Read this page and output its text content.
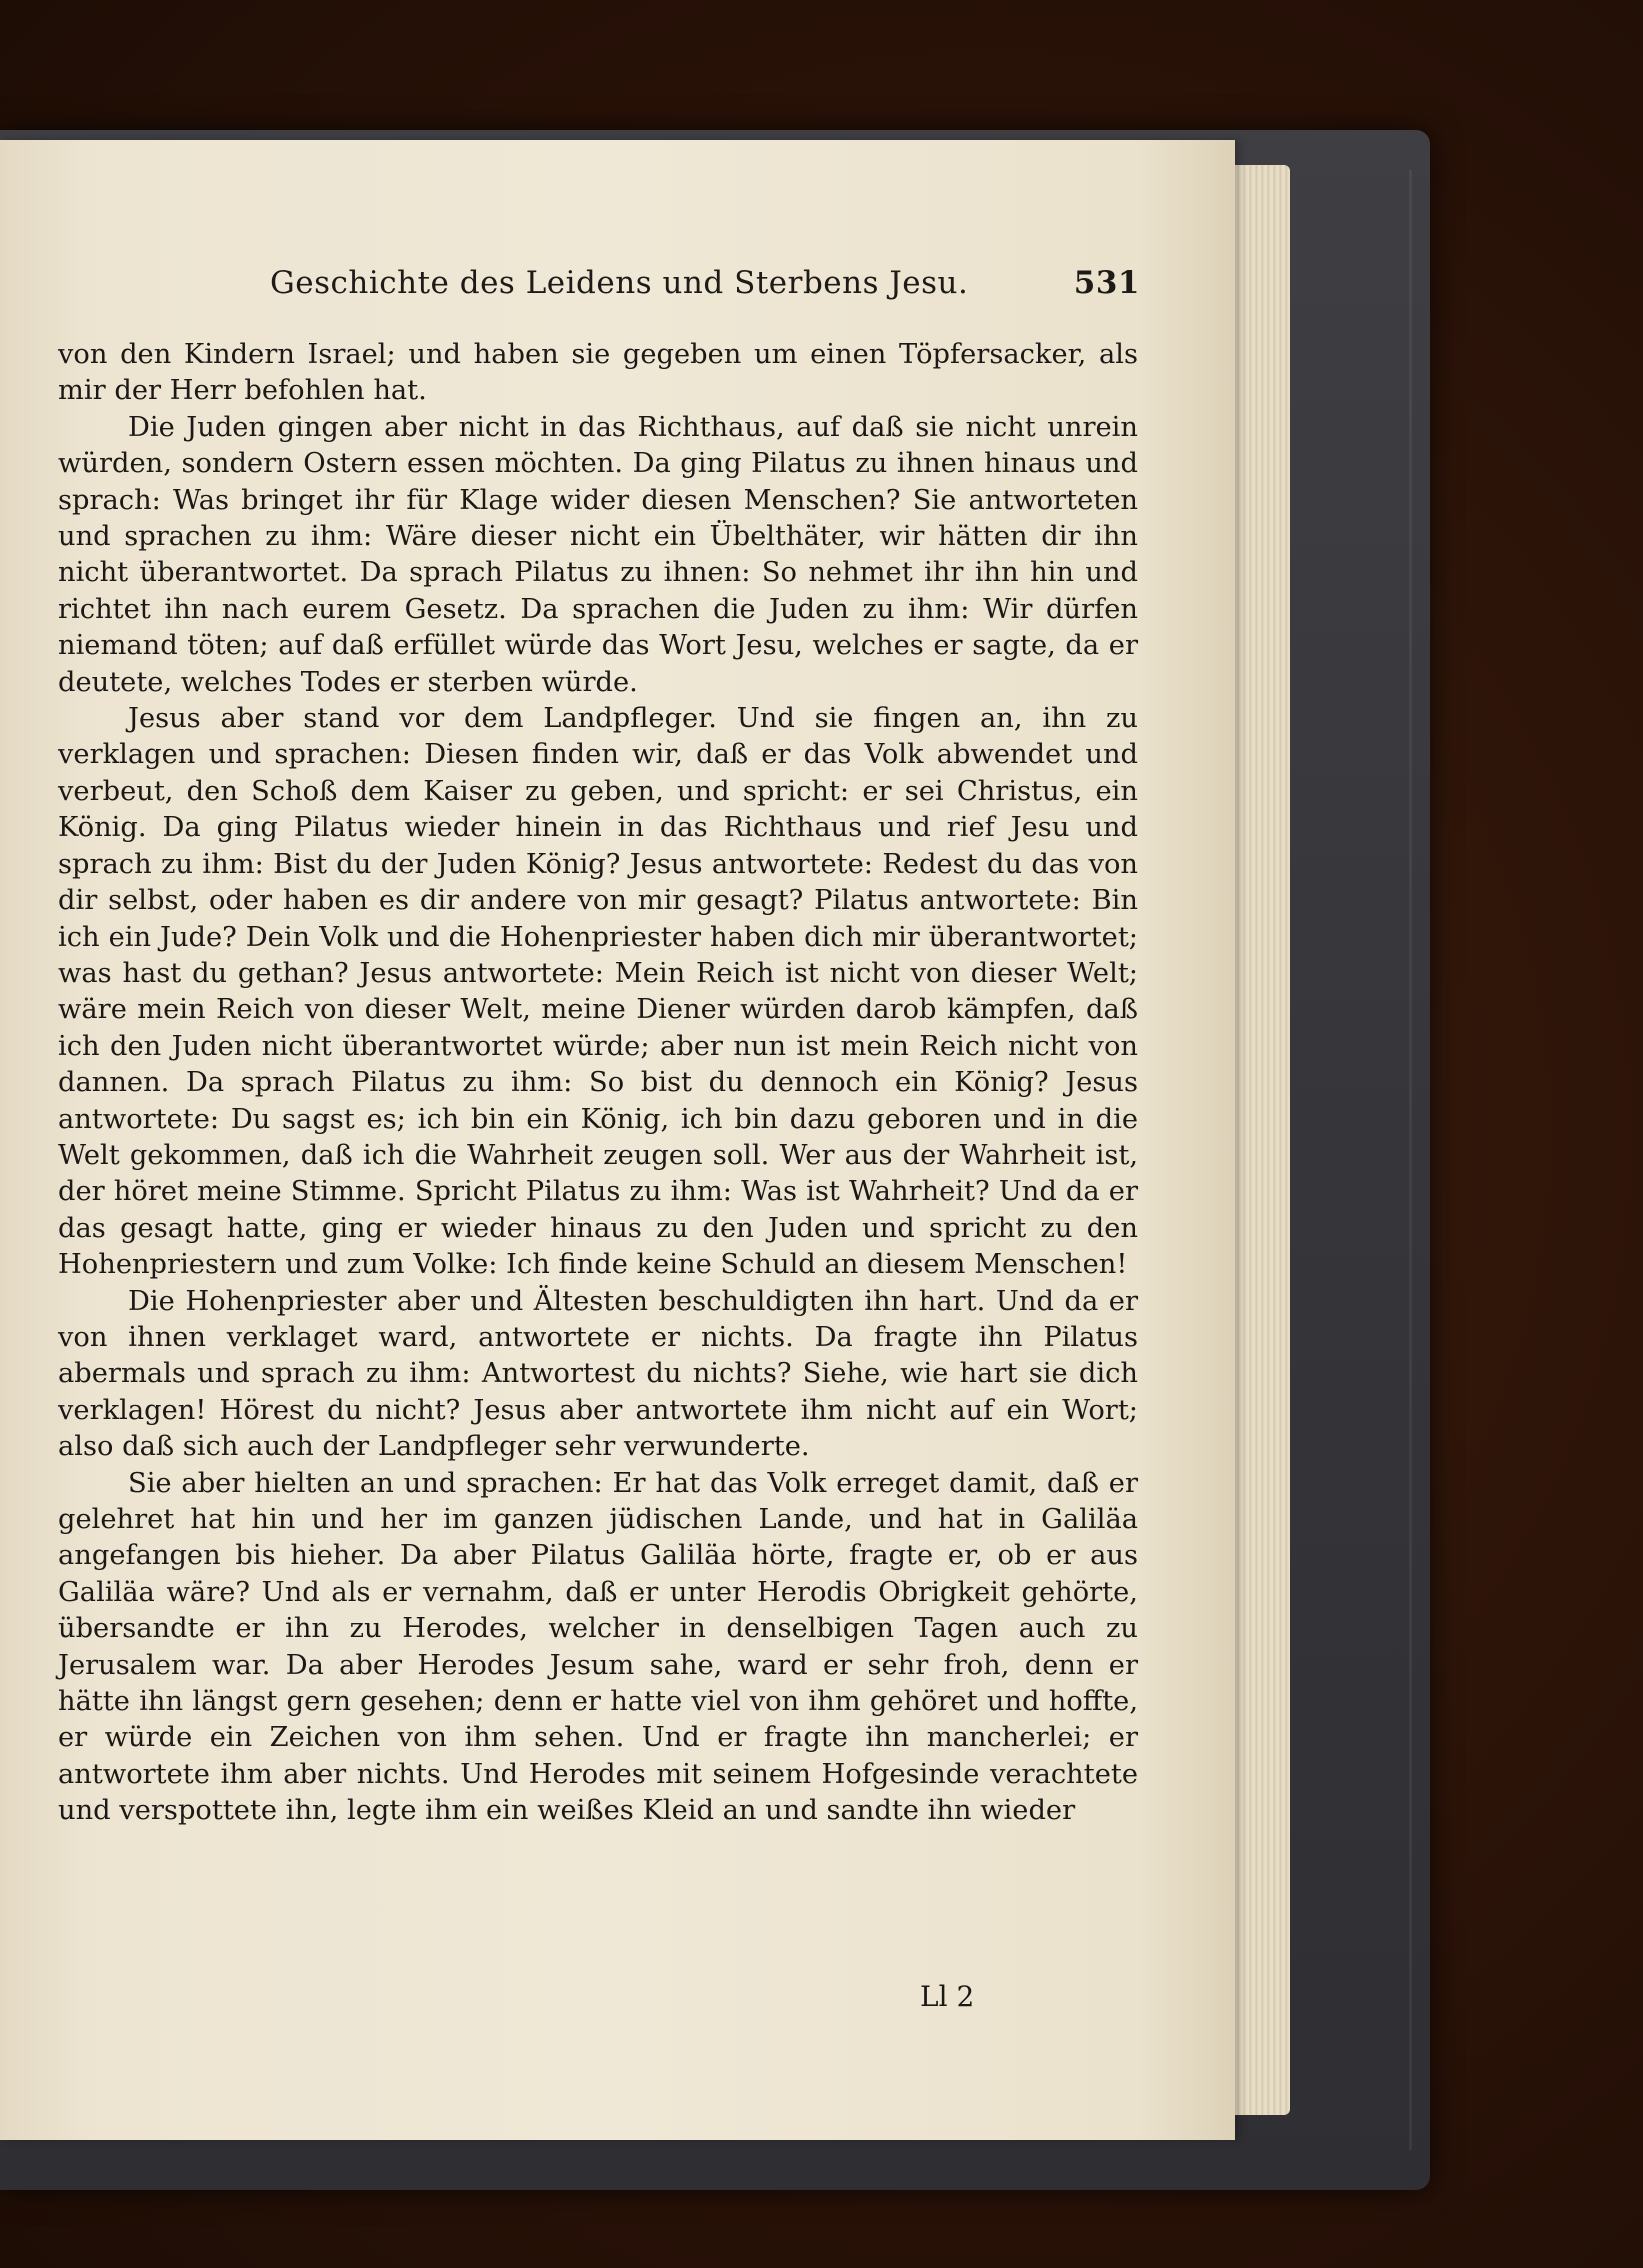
Geschichte des Leidens und Sterbens Jesu.	531

von den Kindern Israel; und haben sie gegeben um einen Töpfersacker, als mir der Herr befohlen hat.

Die Juden gingen aber nicht in das Richthaus, auf daß sie nicht unrein würden, sondern Ostern essen möchten. Da ging Pilatus zu ihnen hinaus und sprach: Was bringet ihr für Klage wider diesen Menschen? Sie antworteten und sprachen zu ihm: Wäre dieser nicht ein Übelthäter, wir hätten dir ihn nicht überantwortet. Da sprach Pilatus zu ihnen: So nehmet ihr ihn hin und richtet ihn nach eurem Gesetz. Da sprachen die Juden zu ihm: Wir dürfen niemand töten; auf daß erfüllet würde das Wort Jesu, welches er sagte, da er deutete, welches Todes er sterben würde.

Jesus aber stand vor dem Landpfleger. Und sie fingen an, ihn zu verklagen und sprachen: Diesen finden wir, daß er das Volk abwendet und verbeut, den Schoß dem Kaiser zu geben, und spricht: er sei Christus, ein König. Da ging Pilatus wieder hinein in das Richthaus und rief Jesu und sprach zu ihm: Bist du der Juden König? Jesus antwortete: Redest du das von dir selbst, oder haben es dir andere von mir gesagt? Pilatus antwortete: Bin ich ein Jude? Dein Volk und die Hohenpriester haben dich mir überantwortet; was hast du gethan? Jesus antwortete: Mein Reich ist nicht von dieser Welt; wäre mein Reich von dieser Welt, meine Diener würden darob kämpfen, daß ich den Juden nicht überantwortet würde; aber nun ist mein Reich nicht von dannen. Da sprach Pilatus zu ihm: So bist du dennoch ein König? Jesus antwortete: Du sagst es; ich bin ein König, ich bin dazu geboren und in die Welt gekommen, daß ich die Wahrheit zeugen soll. Wer aus der Wahrheit ist, der höret meine Stimme. Spricht Pilatus zu ihm: Was ist Wahrheit? Und da er das gesagt hatte, ging er wieder hinaus zu den Juden und spricht zu den Hohenpriestern und zum Volke: Ich finde keine Schuld an diesem Menschen!

Die Hohenpriester aber und Ältesten beschuldigten ihn hart. Und da er von ihnen verklaget ward, antwortete er nichts. Da fragte ihn Pilatus abermals und sprach zu ihm: Antwortest du nichts? Siehe, wie hart sie dich verklagen! Hörest du nicht? Jesus aber antwortete ihm nicht auf ein Wort; also daß sich auch der Landpfleger sehr verwunderte.

Sie aber hielten an und sprachen: Er hat das Volk erreget damit, daß er gelehret hat hin und her im ganzen jüdischen Lande, und hat in Galiläa angefangen bis hieher. Da aber Pilatus Galiläa hörte, fragte er, ob er aus Galiläa wäre? Und als er vernahm, daß er unter Herodis Obrigkeit gehörte, übersandte er ihn zu Herodes, welcher in denselbigen Tagen auch zu Jerusalem war. Da aber Herodes Jesum sahe, ward er sehr froh, denn er hätte ihn längst gern gesehen; denn er hatte viel von ihm gehöret und hoffte, er würde ein Zeichen von ihm sehen. Und er fragte ihn mancherlei; er antwortete ihm aber nichts. Und Herodes mit seinem Hofgesinde verachtete und verspottete ihn, legte ihm ein weißes Kleid an und sandte ihn wieder

Ll 2
